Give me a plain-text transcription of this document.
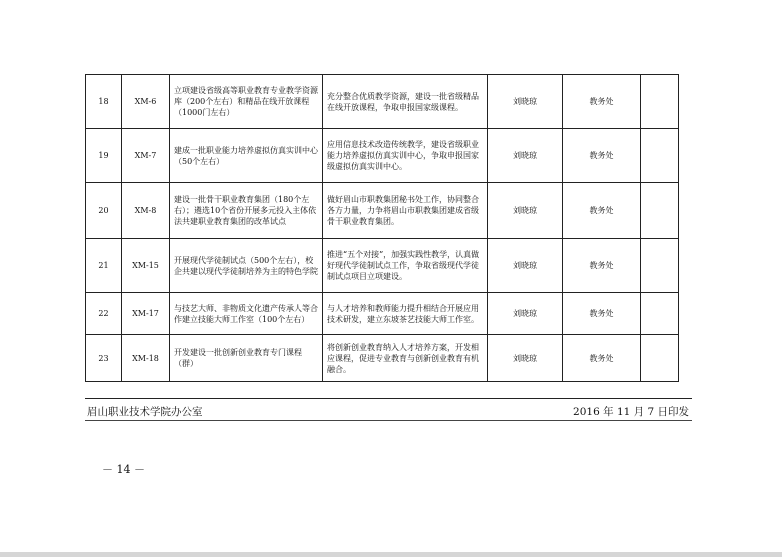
18	XM-6	立项建设省级高等职业教育专业教学资源库（200个左右）和精品在线开放课程（1000门左右）	充分整合优质教学资源，建设一批省级精品在线开放课程，争取申报国家级课程。	刘晓琼	教务处	
19	XM-7	建成一批职业能力培养虚拟仿真实训中心（50个左右）	应用信息技术改造传统教学，建设省级职业能力培养虚拟仿真实训中心，争取申报国家级虚拟仿真实训中心。	刘晓琼	教务处	
20	XM-8	建设一批骨干职业教育集团（180个左右）；遴选10个省份开展多元投入主体依法共建职业教育集团的改革试点	做好眉山市职教集团秘书处工作，协同整合各方力量，力争将眉山市职教集团建成省级骨干职业教育集团。	刘晓琼	教务处	
21	XM-15	开展现代学徒制试点（500个左右），校企共建以现代学徒制培养为主的特色学院	推进“五个对接”，加强实践性教学，认真做好现代学徒制试点工作，争取省级现代学徒制试点项目立项建设。	刘晓琼	教务处	
22	XM-17	与技艺大师、非物质文化遗产传承人等合作建立技能大师工作室（100个左右）	与人才培养和教师能力提升相结合开展应用技术研发，建立东坡茶艺技能大师工作室。	刘晓琼	教务处	
23	XM-18	开发建设一批创新创业教育专门课程（群）	将创新创业教育纳入人才培养方案，开发相应课程，促进专业教育与创新创业教育有机融合。	刘晓琼	教务处	
眉山职业技术学院办公室	2016 年 11 月 7 日印发
－ 14 －
